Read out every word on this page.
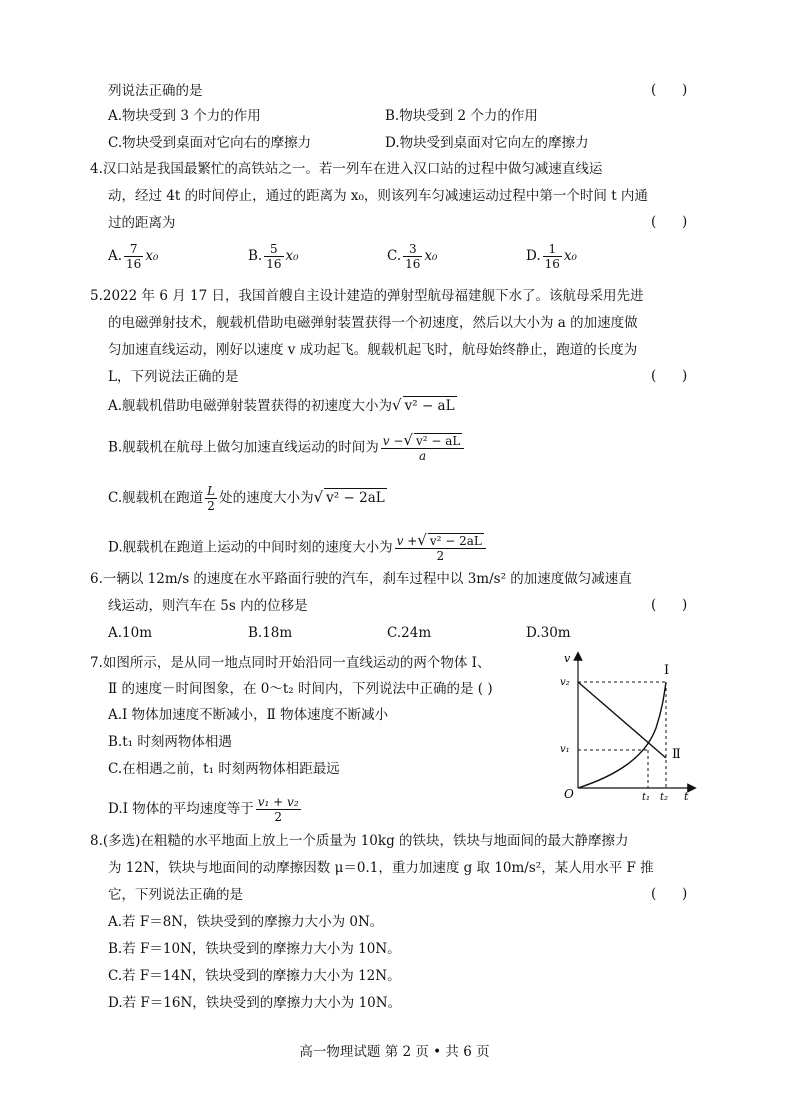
列说法正确的是	(      )
A.物块受到 3 个力的作用	B.物块受到 2 个力的作用
C.物块受到桌面对它向右的摩擦力	D.物块受到桌面对它向左的摩擦力
4.汉口站是我国最繁忙的高铁站之一。若一列车在进入汉口站的过程中做匀减速直线运
动，经过 4t 的时间停止，通过的距离为 x₀，则该列车匀减速运动过程中第一个时间 t 内通
过的距离为	(      )
A. $\frac{7}{16} x_0$	B. $\frac{5}{16} x_0$	C. $\frac{3}{16} x_0$	D. $\frac{1}{16} x_0$
5.2022 年 6 月 17 日，我国首艘自主设计建造的弹射型航母福建舰下水了。该航母采用先进
的电磁弹射技术，舰载机借助电磁弹射装置获得一个初速度，然后以大小为 a 的加速度做
匀加速直线运动，刚好以速度 v 成功起飞。舰载机起飞时，航母始终静止，跑道的长度为
L，下列说法正确的是	(      )
A.舰载机借助电磁弹射装置获得的初速度大小为√ v² − aL
B.舰载机在航母上做匀加速直线运动的时间为 $\frac{\text{v −√ v² − aL}}{a}$
C.舰载机在跑道 $\frac{L}{2}$ 处的速度大小为√ v² − 2aL
D.舰载机在跑道上运动的中间时刻的速度大小为 $\frac{\text{v +√ v² − 2aL}}{2}$
6.一辆以 12m/s 的速度在水平路面行驶的汽车，刹车过程中以 3m/s² 的加速度做匀减速直
线运动，则汽车在 5s 内的位移是	(      )
A.10m	B.18m	C.24m	D.30m
7.如图所示，是从同一地点同时开始沿同一直线运动的两个物体 Ⅰ、
Ⅱ 的速度－时间图象，在 0～t₂ 时间内，下列说法中正确的是 ( )
A.Ⅰ 物体加速度不断减小，Ⅱ 物体速度不断减小
B.t₁ 时刻两物体相遇
C.在相遇之前，t₁ 时刻两物体相距最远
D.Ⅰ 物体的平均速度等于 $\frac{\text{v₁ + v₂}}{2}$
v
t
O
v₂
v₁
t₁ t₂
Ⅰ
Ⅱ
8.(多选)在粗糙的水平地面上放上一个质量为 10kg 的铁块，铁块与地面间的最大静摩擦力
为 12N，铁块与地面间的动摩擦因数 μ＝0.1，重力加速度 g 取 10m/s²，某人用水平 F 推
它，下列说法正确的是	(      )
A.若 F＝8N，铁块受到的摩擦力大小为 0N。
B.若 F＝10N，铁块受到的摩擦力大小为 10N。
C.若 F＝14N，铁块受到的摩擦力大小为 12N。
D.若 F＝16N，铁块受到的摩擦力大小为 10N。
高一物理试题 第 2 页 • 共 6 页
